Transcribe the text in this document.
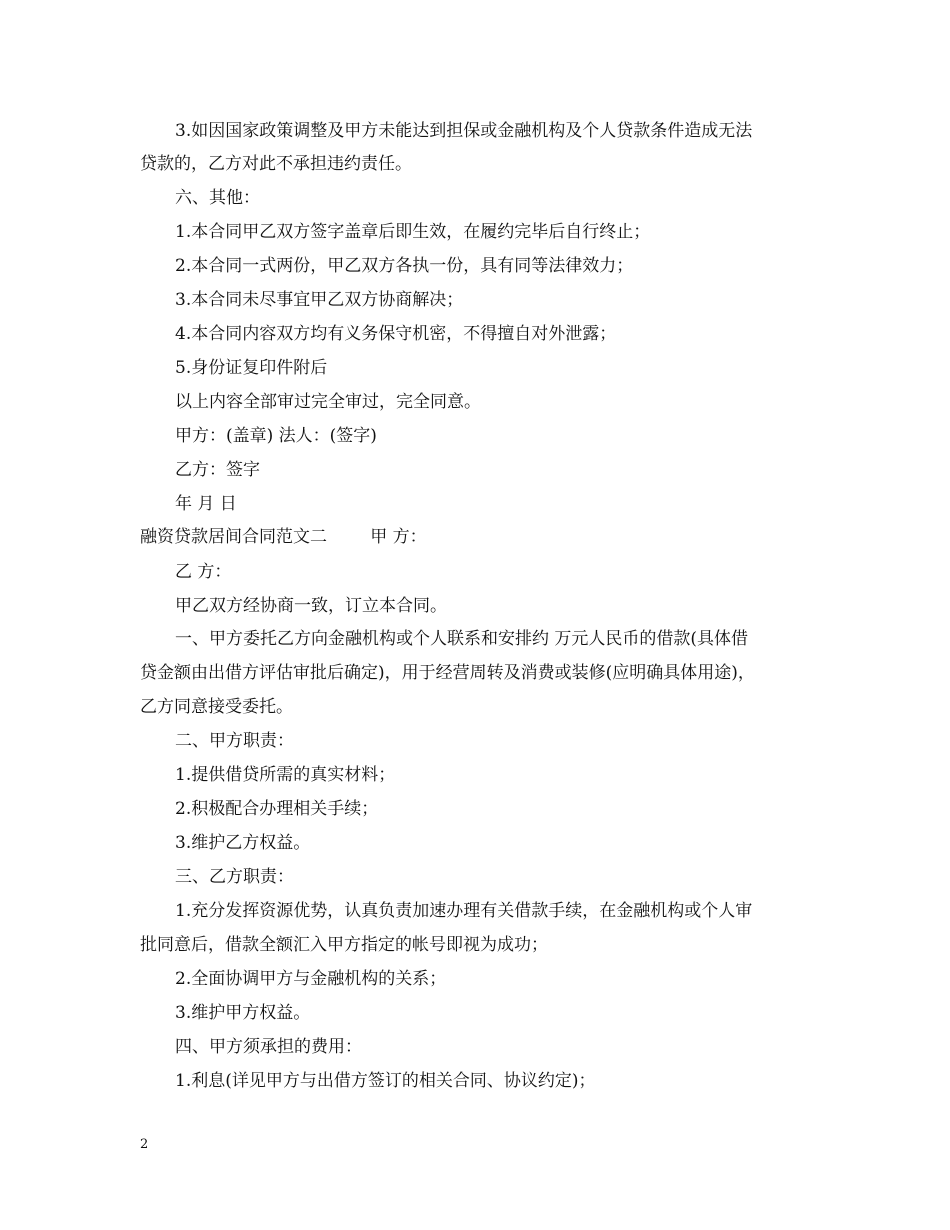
3.如因国家政策调整及甲方未能达到担保或金融机构及个人贷款条件造成无法
贷款的，乙方对此不承担违约责任。
六、其他：
1.本合同甲乙双方签字盖章后即生效，在履约完毕后自行终止；
2.本合同一式两份，甲乙双方各执一份，具有同等法律效力；
3.本合同未尽事宜甲乙双方协商解决；
4.本合同内容双方均有义务保守机密，不得擅自对外泄露；
5.身份证复印件附后
以上内容全部审过完全审过，完全同意。
甲方：(盖章) 法人：(签字)
乙方：签字
年 月 日
融资贷款居间合同范文二        甲 方：
乙 方：
甲乙双方经协商一致，订立本合同。
一、甲方委托乙方向金融机构或个人联系和安排约 万元人民币的借款(具体借
贷金额由出借方评估审批后确定)，用于经营周转及消费或装修(应明确具体用途)，
乙方同意接受委托。
二、甲方职责：
1.提供借贷所需的真实材料；
2.积极配合办理相关手续；
3.维护乙方权益。
三、乙方职责：
1.充分发挥资源优势，认真负责加速办理有关借款手续，在金融机构或个人审
批同意后，借款全额汇入甲方指定的帐号即视为成功；
2.全面协调甲方与金融机构的关系；
3.维护甲方权益。
四、甲方须承担的费用：
1.利息(详见甲方与出借方签订的相关合同、协议约定)；
2
